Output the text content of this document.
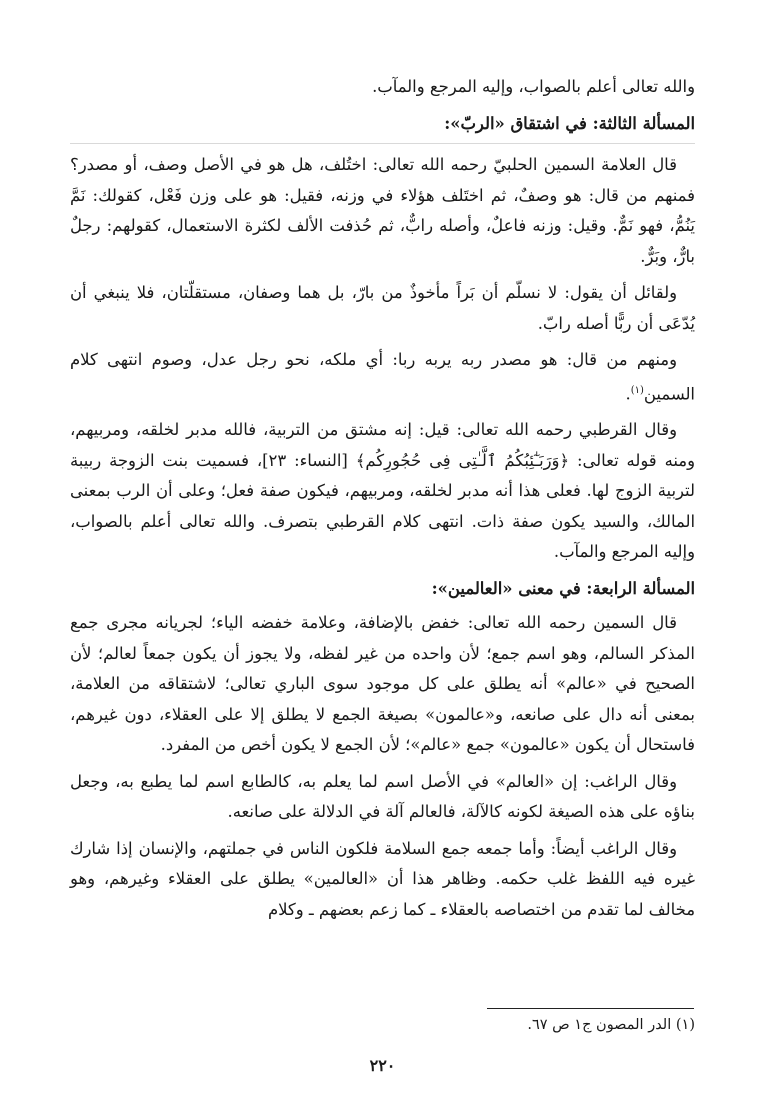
والله تعالى أعلم بالصواب، وإليه المرجع والمآب.

المسألة الثالثة: في اشتقاق «الربّ»:

قال العلامة السمين الحلبيّ رحمه الله تعالى: اختُلف، هل هو في الأصل وصف، أو مصدر؟ فمنهم من قال: هو وصفٌ، ثم اختَلف هؤلاء في وزنه، فقيل: هو على وزن فَعْل، كقولك: نَمَّ يَنُمُّ، فهو نَمٌّ. وقيل: وزنه فاعلٌ، وأصله رابٌّ، ثم حُذفت الألف لكثرة الاستعمال، كقولهم: رجلٌ بارٌّ، وبَرٌّ.

ولقائل أن يقول: لا نسلّم أن بَراً مأخوذٌ من بارّ، بل هما وصفان، مستقلّتان، فلا ينبغي أن يُدّعَى أن ربًّا أصله رابّ.

ومنهم من قال: هو مصدر ربه يربه ربا: أي ملكه، نحو رجل عدل، وصوم انتهى كلام السمين$^{(١)}$.

وقال القرطبي رحمه الله تعالى: قيل: إنه مشتق من التربية، فالله مدبر لخلقه، ومربيهم، ومنه قوله تعالى: ﴿وَرَبَـٰٓئِبُكُمُ ٱلَّـٰتِى فِى حُجُورِكُم﴾ [النساء: ٢٣]، فسميت بنت الزوجة ربيبة لتربية الزوج لها. فعلى هذا أنه مدبر لخلقه، ومربيهم، فيكون صفة فعل؛ وعلى أن الرب بمعنى المالك، والسيد يكون صفة ذات. انتهى كلام القرطبي بتصرف. والله تعالى أعلم بالصواب، وإليه المرجع والمآب.

المسألة الرابعة: في معنى «العالمين»:

قال السمين رحمه الله تعالى: خفض بالإضافة، وعلامة خفضه الياء؛ لجريانه مجرى جمع المذكر السالم، وهو اسم جمع؛ لأن واحده من غير لفظه، ولا يجوز أن يكون جمعاً لعالم؛ لأن الصحيح في «عالم» أنه يطلق على كل موجود سوى الباري تعالى؛ لاشتقاقه من العلامة، بمعنى أنه دال على صانعه، و«عالمون» بصيغة الجمع لا يطلق إلا على العقلاء، دون غيرهم، فاستحال أن يكون «عالمون» جمع «عالم»؛ لأن الجمع لا يكون أخص من المفرد.

وقال الراغب: إن «العالم» في الأصل اسم لما يعلم به، كالطابع اسم لما يطبع به، وجعل بناؤه على هذه الصيغة لكونه كالآلة، فالعالم آلة في الدلالة على صانعه.

وقال الراغب أيضاً: وأما جمعه جمع السلامة فلكون الناس في جملتهم، والإنسان إذا شارك غيره فيه اللفظ غلب حكمه. وظاهر هذا أن «العالمين» يطلق على العقلاء وغيرهم، وهو مخالف لما تقدم من اختصاصه بالعقلاء ـ كما زعم بعضهم ـ وكلام

(١) الدر المصون ج١ ص ٦٧.
٢٢٠
